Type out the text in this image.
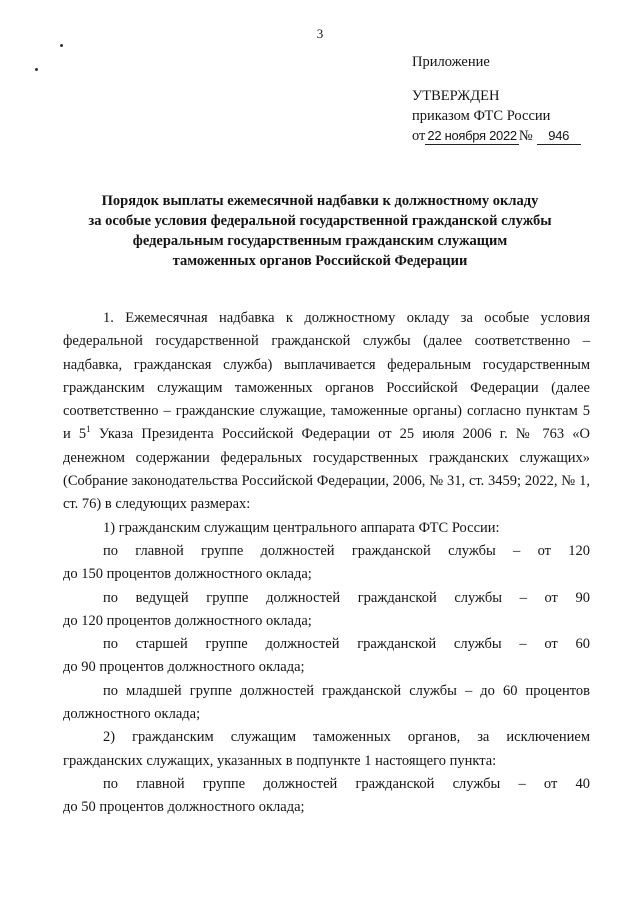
3
Приложение
УТВЕРЖДЕН
приказом ФТС России
от 22 ноября 2022 № 946
Порядок выплаты ежемесячной надбавки к должностному окладу
за особые условия федеральной государственной гражданской службы
федеральным государственным гражданским служащим
таможенных органов Российской Федерации

1. Ежемесячная надбавка к должностному окладу за особые условия федеральной государственной гражданской службы (далее соответственно – надбавка, гражданская служба) выплачивается федеральным государственным гражданским служащим таможенных органов Российской Федерации (далее соответственно – гражданские служащие, таможенные органы) согласно пунктам 5 и $5^1$ Указа Президента Российской Федерации от 25 июля 2006 г. № 763 «О денежном содержании федеральных государственных гражданских служащих» (Собрание законодательства Российской Федерации, 2006, № 31, ст. 3459; 2022, № 1, ст. 76) в следующих размерах:

1) гражданским служащим центрального аппарата ФТС России:

по главной группе должностей гражданской службы – от 120

до 150 процентов должностного оклада;

по ведущей группе должностей гражданской службы – от 90

до 120 процентов должностного оклада;

по старшей группе должностей гражданской службы – от 60

до 90 процентов должностного оклада;

по младшей группе должностей гражданской службы – до 60 процентов должностного оклада;

2) гражданским служащим таможенных органов, за исключением гражданских служащих, указанных в подпункте 1 настоящего пункта:

по главной группе должностей гражданской службы – от 40

до 50 процентов должностного оклада;
